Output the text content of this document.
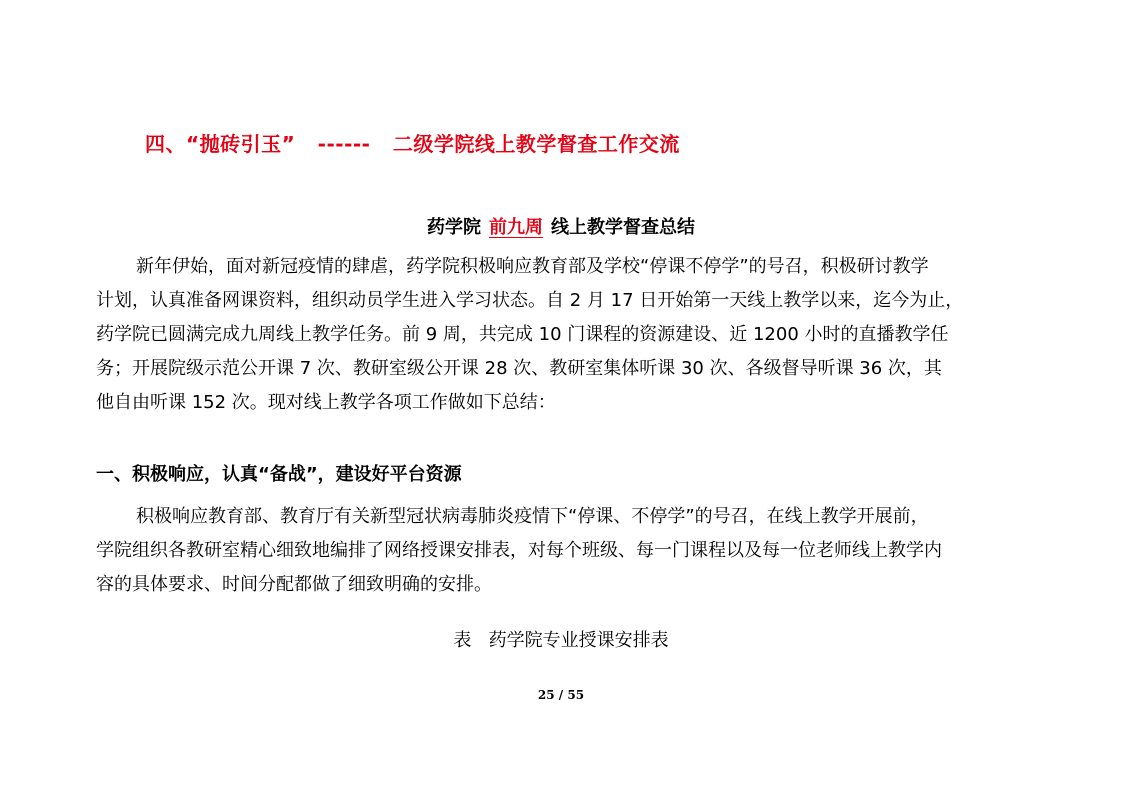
四、“抛砖引玉”   ------   二级学院线上教学督查工作交流
药学院 前九周 线上教学督查总结
新年伊始，面对新冠疫情的肆虐，药学院积极响应教育部及学校“停课不停学”的号召，积极研讨教学
计划，认真准备网课资料，组织动员学生进入学习状态。自 2 月 17 日开始第一天线上教学以来，迄今为止，
药学院已圆满完成九周线上教学任务。前 9 周，共完成 10 门课程的资源建设、近 1200 小时的直播教学任
务；开展院级示范公开课 7 次、教研室级公开课 28 次、教研室集体听课 30 次、各级督导听课 36 次，其
他自由听课 152 次。现对线上教学各项工作做如下总结：
一、积极响应，认真“备战”，建设好平台资源
积极响应教育部、教育厅有关新型冠状病毒肺炎疫情下“停课、不停学”的号召，在线上教学开展前，
学院组织各教研室精心细致地编排了网络授课安排表，对每个班级、每一门课程以及每一位老师线上教学内
容的具体要求、时间分配都做了细致明确的安排。
表   药学院专业授课安排表
25 / 55
